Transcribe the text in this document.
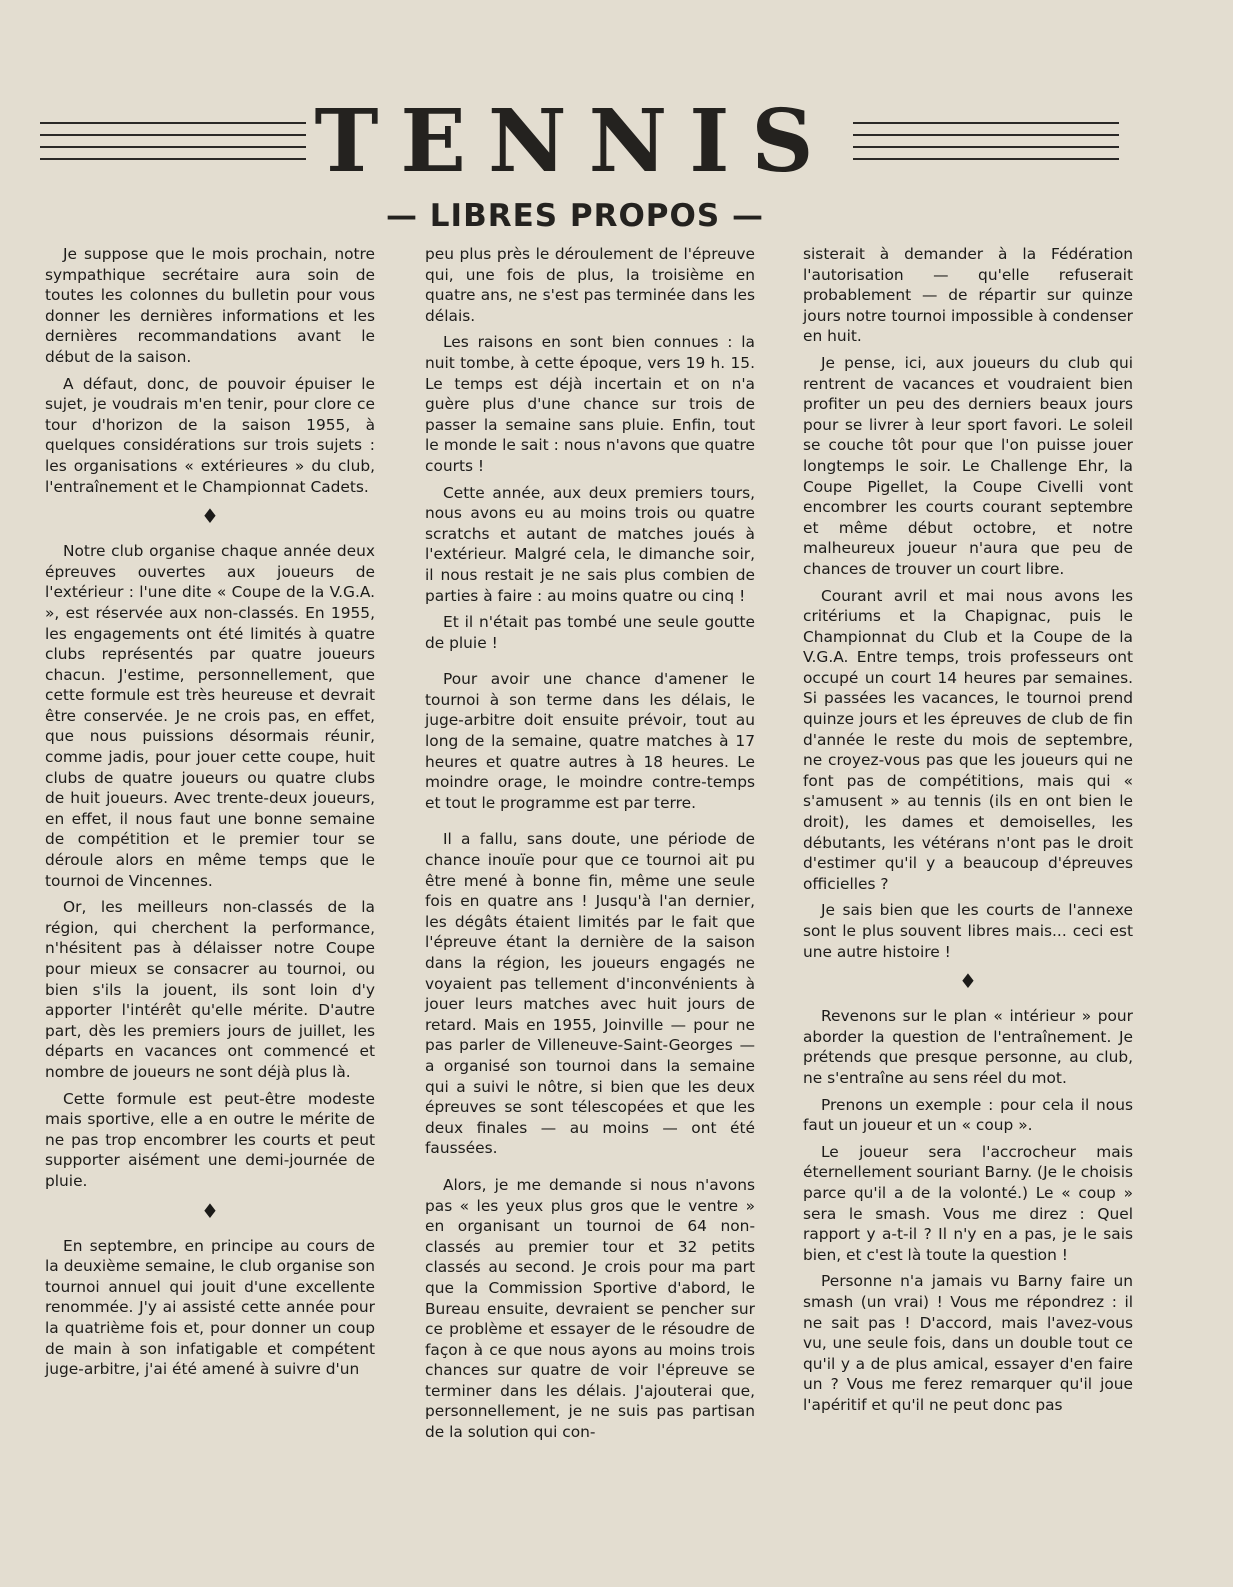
TENNIS
— LIBRES PROPOS —

Je suppose que le mois prochain, notre sympathique secrétaire aura soin de toutes les colonnes du bulletin pour vous donner les dernières informations et les dernières recommandations avant le début de la saison.

A défaut, donc, de pouvoir épuiser le sujet, je voudrais m'en tenir, pour clore ce tour d'horizon de la saison 1955, à quelques considérations sur trois sujets : les organisations « extérieures » du club, l'entraînement et le Championnat Cadets.

♦

Notre club organise chaque année deux épreuves ouvertes aux joueurs de l'extérieur : l'une dite « Coupe de la V.G.A. », est réservée aux non-classés. En 1955, les engagements ont été limités à quatre clubs représentés par quatre joueurs chacun. J'estime, personnellement, que cette formule est très heureuse et devrait être conservée. Je ne crois pas, en effet, que nous puissions désormais réunir, comme jadis, pour jouer cette coupe, huit clubs de quatre joueurs ou quatre clubs de huit joueurs. Avec trente-deux joueurs, en effet, il nous faut une bonne semaine de compétition et le premier tour se déroule alors en même temps que le tournoi de Vincennes.

Or, les meilleurs non-classés de la région, qui cherchent la performance, n'hésitent pas à délaisser notre Coupe pour mieux se consacrer au tournoi, ou bien s'ils la jouent, ils sont loin d'y apporter l'intérêt qu'elle mérite. D'autre part, dès les premiers jours de juillet, les départs en vacances ont commencé et nombre de joueurs ne sont déjà plus là.

Cette formule est peut-être modeste mais sportive, elle a en outre le mérite de ne pas trop encombrer les courts et peut supporter aisément une demi-journée de pluie.

♦

En septembre, en principe au cours de la deuxième semaine, le club organise son tournoi annuel qui jouit d'une excellente renommée. J'y ai assisté cette année pour la quatrième fois et, pour donner un coup de main à son infatigable et compétent juge-arbitre, j'ai été amené à suivre d'un

peu plus près le déroulement de l'épreuve qui, une fois de plus, la troisième en quatre ans, ne s'est pas terminée dans les délais.

Les raisons en sont bien connues : la nuit tombe, à cette époque, vers 19 h. 15. Le temps est déjà incertain et on n'a guère plus d'une chance sur trois de passer la semaine sans pluie. Enfin, tout le monde le sait : nous n'avons que quatre courts !

Cette année, aux deux premiers tours, nous avons eu au moins trois ou quatre scratchs et autant de matches joués à l'extérieur. Malgré cela, le dimanche soir, il nous restait je ne sais plus combien de parties à faire : au moins quatre ou cinq !

Et il n'était pas tombé une seule goutte de pluie !

Pour avoir une chance d'amener le tournoi à son terme dans les délais, le juge-arbitre doit ensuite prévoir, tout au long de la semaine, quatre matches à 17 heures et quatre autres à 18 heures. Le moindre orage, le moindre contre-temps et tout le programme est par terre.

Il a fallu, sans doute, une période de chance inouïe pour que ce tournoi ait pu être mené à bonne fin, même une seule fois en quatre ans ! Jusqu'à l'an dernier, les dégâts étaient limités par le fait que l'épreuve étant la dernière de la saison dans la région, les joueurs engagés ne voyaient pas tellement d'inconvénients à jouer leurs matches avec huit jours de retard. Mais en 1955, Joinville — pour ne pas parler de Villeneuve-Saint-Georges — a organisé son tournoi dans la semaine qui a suivi le nôtre, si bien que les deux épreuves se sont télescopées et que les deux finales — au moins — ont été faussées.

Alors, je me demande si nous n'avons pas « les yeux plus gros que le ventre » en organisant un tournoi de 64 non-classés au premier tour et 32 petits classés au second. Je crois pour ma part que la Commission Sportive d'abord, le Bureau ensuite, devraient se pencher sur ce problème et essayer de le résoudre de façon à ce que nous ayons au moins trois chances sur quatre de voir l'épreuve se terminer dans les délais. J'ajouterai que, personnellement, je ne suis pas partisan de la solution qui con-

sisterait à demander à la Fédération l'autorisation — qu'elle refuserait probablement — de répartir sur quinze jours notre tournoi impossible à condenser en huit.

Je pense, ici, aux joueurs du club qui rentrent de vacances et voudraient bien profiter un peu des derniers beaux jours pour se livrer à leur sport favori. Le soleil se couche tôt pour que l'on puisse jouer longtemps le soir. Le Challenge Ehr, la Coupe Pigellet, la Coupe Civelli vont encombrer les courts courant septembre et même début octobre, et notre malheureux joueur n'aura que peu de chances de trouver un court libre.

Courant avril et mai nous avons les critériums et la Chapignac, puis le Championnat du Club et la Coupe de la V.G.A. Entre temps, trois professeurs ont occupé un court 14 heures par semaines. Si passées les vacances, le tournoi prend quinze jours et les épreuves de club de fin d'année le reste du mois de septembre, ne croyez-vous pas que les joueurs qui ne font pas de compétitions, mais qui « s'amusent » au tennis (ils en ont bien le droit), les dames et demoiselles, les débutants, les vétérans n'ont pas le droit d'estimer qu'il y a beaucoup d'épreuves officielles ?

Je sais bien que les courts de l'annexe sont le plus souvent libres mais... ceci est une autre histoire !

♦

Revenons sur le plan « intérieur » pour aborder la question de l'entraînement. Je prétends que presque personne, au club, ne s'entraîne au sens réel du mot.

Prenons un exemple : pour cela il nous faut un joueur et un « coup ».

Le joueur sera l'accrocheur mais éternellement souriant Barny. (Je le choisis parce qu'il a de la volonté.) Le « coup » sera le smash. Vous me direz : Quel rapport y a-t-il ? Il n'y en a pas, je le sais bien, et c'est là toute la question !

Personne n'a jamais vu Barny faire un smash (un vrai) ! Vous me répondrez : il ne sait pas ! D'accord, mais l'avez-vous vu, une seule fois, dans un double tout ce qu'il y a de plus amical, essayer d'en faire un ? Vous me ferez remarquer qu'il joue l'apéritif et qu'il ne peut donc pas
